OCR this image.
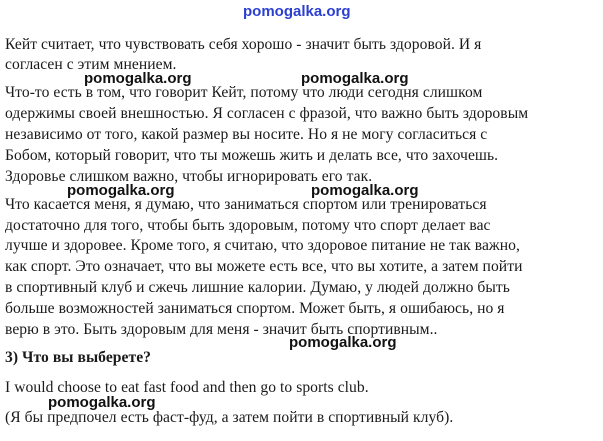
pomogalka.org
Кейт считает, что чувствовать себя хорошо - значит быть здоровой. И я
согласен с этим мнением.
Что-то есть в том, что говорит Кейт, потому что люди сегодня слишком
одержимы своей внешностью. Я согласен с фразой, что важно быть здоровым
независимо от того, какой размер вы носите. Но я не могу согласиться с
Бобом, который говорит, что ты можешь жить и делать все, что захочешь.
Здоровье слишком важно, чтобы игнорировать его так.
Что касается меня, я думаю, что заниматься спортом или тренироваться
достаточно для того, чтобы быть здоровым, потому что спорт делает вас
лучше и здоровее. Кроме того, я считаю, что здоровое питание не так важно,
как спорт. Это означает, что вы можете есть все, что вы хотите, а затем пойти
в спортивный клуб и сжечь лишние калории. Думаю, у людей должно быть
больше возможностей заниматься спортом. Может быть, я ошибаюсь, но я
верю в это. Быть здоровым для меня - значит быть спортивным..
3) Что вы выберете?
I would choose to eat fast food and then go to sports club.
(Я бы предпочел есть фаст-фуд, а затем пойти в спортивный клуб).
pomogalka.org	pomogalka.org
pomogalka.org	pomogalka.org
pomogalka.org
pomogalka.org
